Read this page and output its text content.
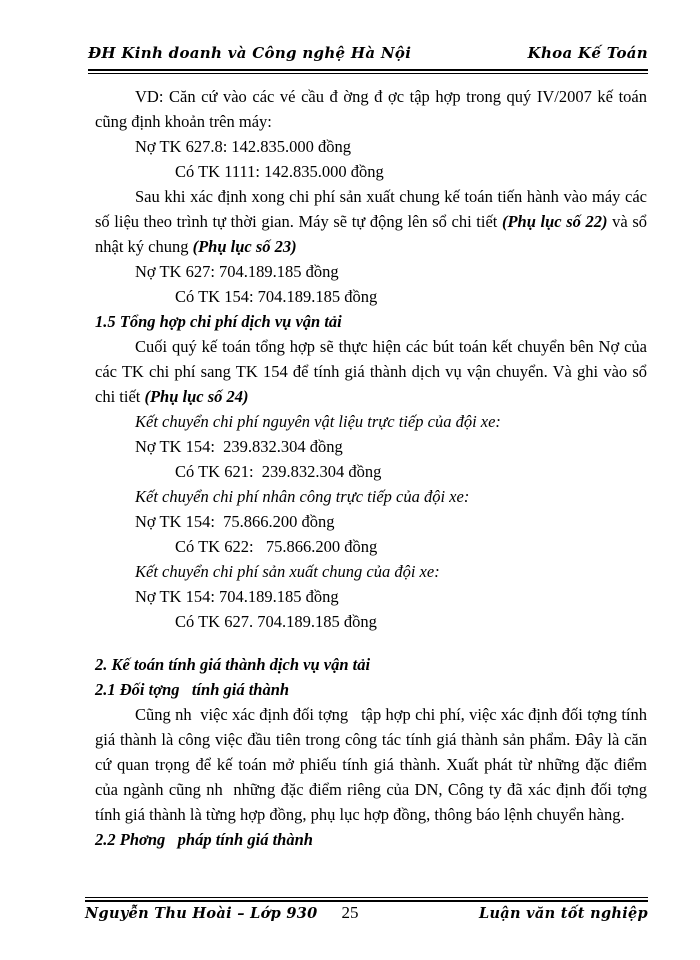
ĐH Kinh doanh và Công nghệ Hà Nội	Khoa Kế Toán

VD: Căn cứ vào các vé cầu đ ờng đ ợc tập hợp trong quý IV/2007 kế toán cũng định khoản trên máy:

Nợ TK 627.8: 142.835.000 đồng

Có TK 1111: 142.835.000 đồng

Sau khi xác định xong chi phí sản xuất chung kế toán tiến hành vào máy các số liệu theo trình tự thời gian. Máy sẽ tự động lên sổ chi tiết (Phụ lục số 22) và sổ nhật ký chung (Phụ lục số 23)

Nợ TK 627: 704.189.185 đồng

Có TK 154: 704.189.185 đồng

1.5 Tổng hợp chi phí dịch vụ vận tải

Cuối quý kế toán tổng hợp sẽ thực hiện các bút toán kết chuyển bên Nợ của các TK chi phí sang TK 154 để tính giá thành dịch vụ vận chuyển. Và ghi vào sổ chi tiết (Phụ lục số 24)

Kết chuyển chi phí nguyên vật liệu trực tiếp của đội xe:

Nợ TK 154:  239.832.304 đồng

Có TK 621:  239.832.304 đồng

Kết chuyển chi phí nhân công trực tiếp của đội xe:

Nợ TK 154:  75.866.200 đồng

Có TK 622:   75.866.200 đồng

Kết chuyển chi phí sản xuất chung của đội xe:

Nợ TK 154: 704.189.185 đồng

Có TK 627. 704.189.185 đồng

2. Kế toán tính giá thành dịch vụ vận tải

2.1 Đối tợng   tính giá thành

Cũng nh  việc xác định đối tợng   tập hợp chi phí, việc xác định đối tợng tính giá thành là công việc đầu tiên trong công tác tính giá thành sản phẩm. Đây là căn cứ quan trọng để kế toán mở phiếu tính giá thành. Xuất phát từ những đặc điểm của ngành cũng nh  những đặc điểm riêng của DN, Công ty đã xác định đối tợng   tính giá thành là từng hợp đồng, phụ lục hợp đồng, thông báo lệnh chuyển hàng.

2.2 Phơng   pháp tính giá thành

25
Nguyễn Thu Hoài – Lớp 930	Luận văn tốt nghiệp
